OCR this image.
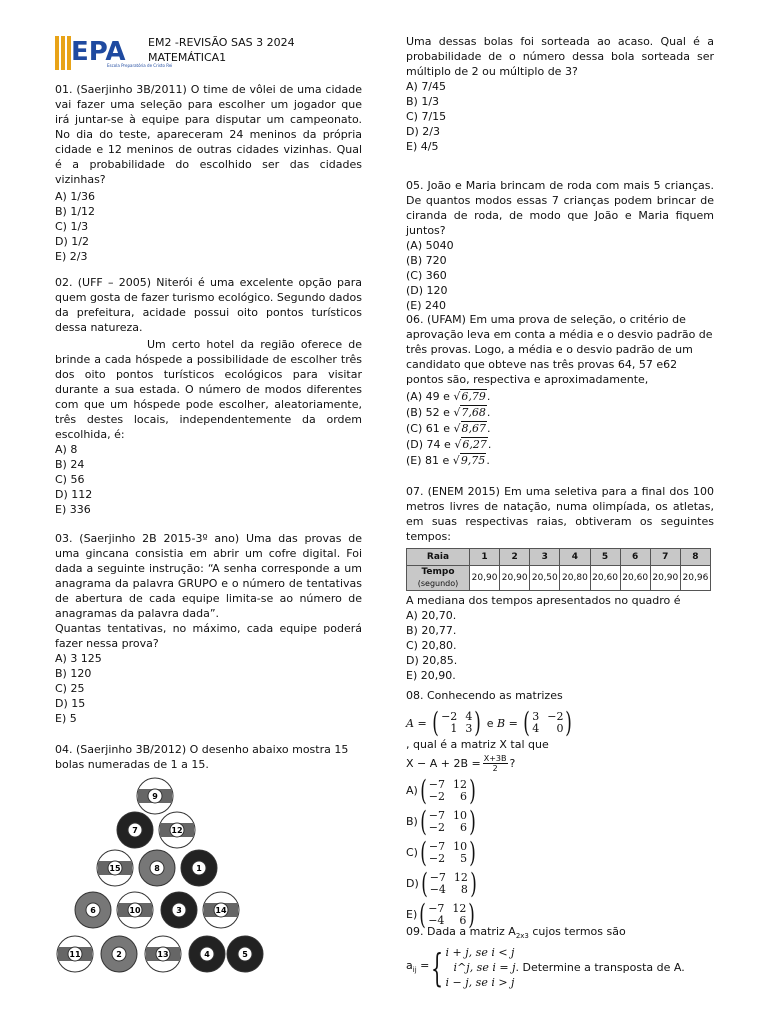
EPA
Escola Preparatória de Cristo Rei

EM2 -REVISÃO SAS 3 2024

MATEMÁTICA1

01. (Saerjinho 3B/2011) O time de vôlei de uma cidade vai fazer uma seleção para escolher um jogador que irá juntar-se à equipe para disputar um campeonato. No dia do teste, apareceram 24 meninos da própria cidade e 12 meninos de outras cidades vizinhas. Qual é a probabilidade do escolhido ser das cidades vizinhas?

A) 1/36

B) 1/12

C) 1/3

D) 1/2

E) 2/3

02. (UFF – 2005) Niterói é uma excelente opção para quem gosta de fazer turismo ecológico. Segundo dados da prefeitura, acidade possui oito pontos turísticos dessa natureza.

Um certo hotel da região oferece de brinde a cada hóspede a possibilidade de escolher três dos oito pontos turísticos ecológicos para visitar durante a sua estada. O número de modos diferentes com que um hóspede pode escolher, aleatoriamente, três destes locais, independentemente da ordem escolhida, é:

A) 8

B) 24

C) 56

D) 112

E) 336

03. (Saerjinho 2B 2015-3º ano) Uma das provas de uma gincana consistia em abrir um cofre digital. Foi dada a seguinte instrução: “A senha corresponde a um anagrama da palavra GRUPO e o número de tentativas de abertura de cada equipe limita-se ao número de anagramas da palavra dada”.

Quantas tentativas, no máximo, cada equipe poderá fazer nessa prova?

A) 3 125

B) 120

C) 25

D) 15

E) 5

04. (Saerjinho 3B/2012) O desenho abaixo mostra 15 bolas numeradas de 1 a 15.

9
7	12
15	8	1
6	10	3	14
11	2	13	4	5

Uma dessas bolas foi sorteada ao acaso. Qual é a probabilidade de o número dessa bola sorteada ser múltiplo de 2 ou múltiplo de 3?

A) 7/45

B) 1/3

C) 7/15

D) 2/3

E) 4/5

05. João e Maria brincam de roda com mais 5 crianças. De quantos modos essas 7 crianças podem brincar de ciranda de roda, de modo que João e Maria fiquem juntos?

(A) 5040

(B) 720

(C) 360

(D) 120

(E) 240

06. (UFAM) Em uma prova de seleção, o critério de aprovação leva em conta a média e o desvio padrão de três provas. Logo, a média e o desvio padrão de um candidato que obteve nas três provas 64, 57 e62 pontos são, respectiva e aproximadamente,

(A) 49 e √6,79.

(B) 52 e √7,68.

(C) 61 e √8,67.

(D) 74 e √6,27.

(E) 81 e √9,75.

07. (ENEM 2015) Em uma seletiva para a final dos 100 metros livres de natação, numa olimpíada, os atletas, em suas respectivas raias, obtiveram os seguintes tempos:

Raia	1	2	3	4	5	6	7	8
Tempo
(segundo)	20,90	20,90	20,50	20,80	20,60	20,60	20,90	20,96

A mediana dos tempos apresentados no quadro é

A) 20,70.

B) 20,77.

C) 20,80.

D) 20,85.

E) 20,90.

08. Conhecendo as matrizes

A = ( −2 4
1 3 ) e B = ( 3 −2
4	0 )
, qual é a matriz X tal que
$X - A + 2B = \frac{X+3B}{2}$ ?
A) ( −7 12
−2	6 )
B) ( −7 10
−2	6 )
C) ( −7 10
−2	5 )
D) ( −7 12
−4	8 )
E) ( −7 12
−4	6 )

09. Dada a matriz $A_{2x3}$ cujos termos são

$a_{ij}$ = { i + j, se i < j
i^j, se i = j
i − j, se i > j
. Determine a transposta de A.
